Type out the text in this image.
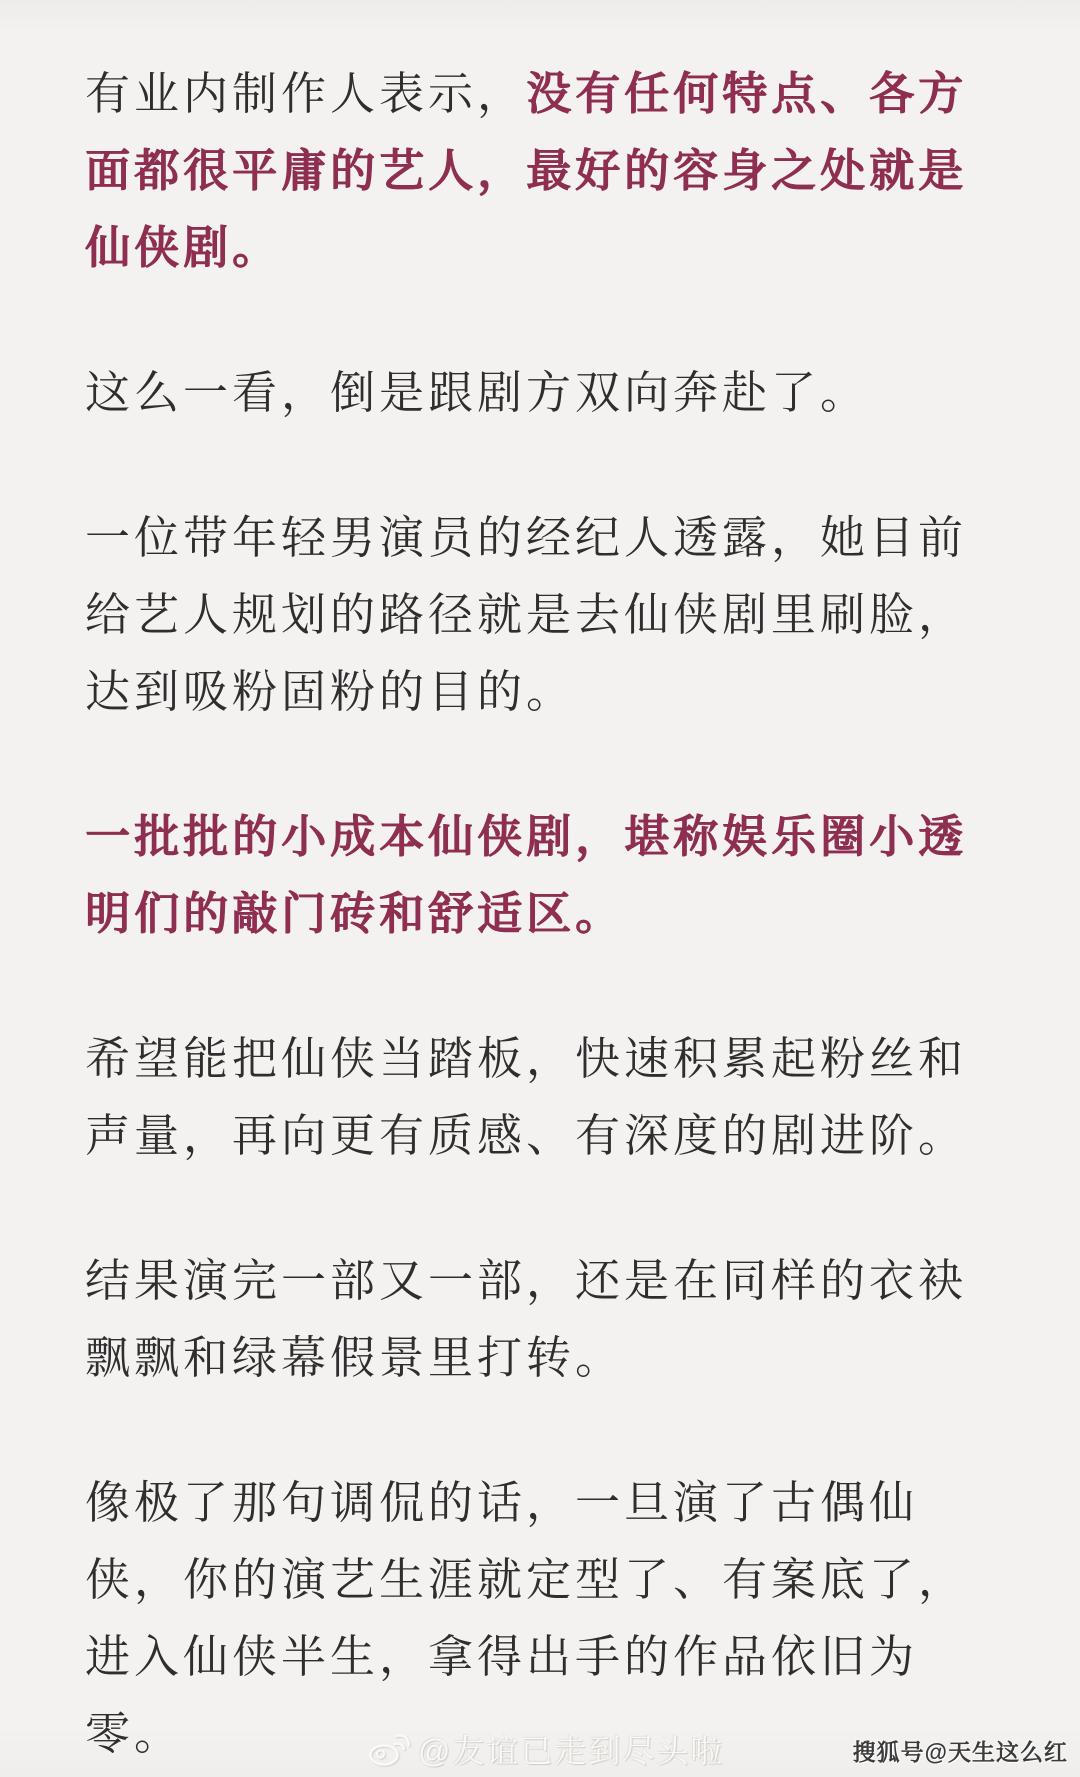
有业内制作人表示，没有任何特点、各方面都很平庸的艺人，最好的容身之处就是仙侠剧。

这么一看，倒是跟剧方双向奔赴了。

一位带年轻男演员的经纪人透露，她目前给艺人规划的路径就是去仙侠剧里刷脸，达到吸粉固粉的目的。

一批批的小成本仙侠剧，堪称娱乐圈小透明们的敲门砖和舒适区。

希望能把仙侠当踏板，快速积累起粉丝和声量，再向更有质感、有深度的剧进阶。

结果演完一部又一部，还是在同样的衣袂飘飘和绿幕假景里打转。

像极了那句调侃的话，一旦演了古偶仙侠，你的演艺生涯就定型了、有案底了，进入仙侠半生，拿得出手的作品依旧为零。	@友谊已走到尽头啦	搜狐号@天生这么红
